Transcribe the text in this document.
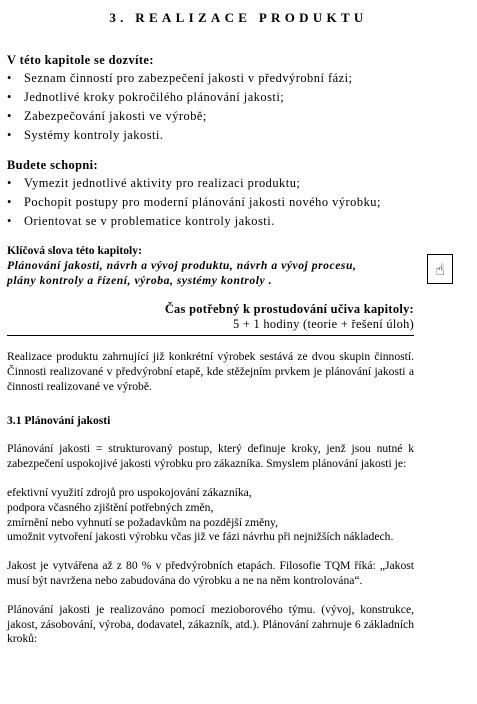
3. REALIZACE PRODUKTU
☝
V této kapitole se dozvíte:
• Seznam činností pro zabezpečení jakosti v předvýrobní fázi;
• Jednotlivé kroky pokročilého plánování jakosti;
• Zabezpečování jakosti ve výrobě;
• Systémy kontroly jakosti.
Budete schopni:
• Vymezit jednotlivé aktivity pro realizaci produktu;
• Pochopit postupy pro moderní plánování jakosti nového výrobku;
• Orientovat se v problematice kontroly jakosti.
Klíčová slova této kapitoly:
Plánování jakosti, návrh a vývoj produktu, návrh a vývoj procesu,
plány kontroly a řízení, výroba, systémy kontroly .
Čas potřebný k prostudování učiva kapitoly:
5 + 1 hodiny (teorie + řešení úloh)

Realizace produktu zahrnující již konkrétní výrobek sestává ze dvou skupin činností. Činnosti realizované v předvýrobní etapě, kde stěžejním prvkem je plánování jakosti a činnosti realizované ve výrobě.

3.1 Plánování jakosti

Plánování jakosti = strukturovaný postup, který definuje kroky, jenž jsou nutné k zabezpečení uspokojivé jakosti výrobku pro zákazníka. Smyslem plánování jakosti je:

efektivní využití zdrojů pro uspokojování zákazníka,
podpora včasného zjištění potřebných změn,
zmírnění nebo vyhnutí se požadavkům na pozdější změny,

umožnit vytvoření jakosti výrobku včas již ve fázi návrhu při nejnižších nákladech.

Jakost je vytvářena až z 80 % v předvýrobních etapách. Filosofie TQM říká: „Jakost musí být navržena nebo zabudována do výrobku a ne na něm kontrolována“.

Plánování jakosti je realizováno pomocí mezioborového týmu. (vývoj, konstrukce, jakost, zásobování, výroba, dodavatel, zákazník, atd.). Plánování zahrnuje 6 základních kroků:
